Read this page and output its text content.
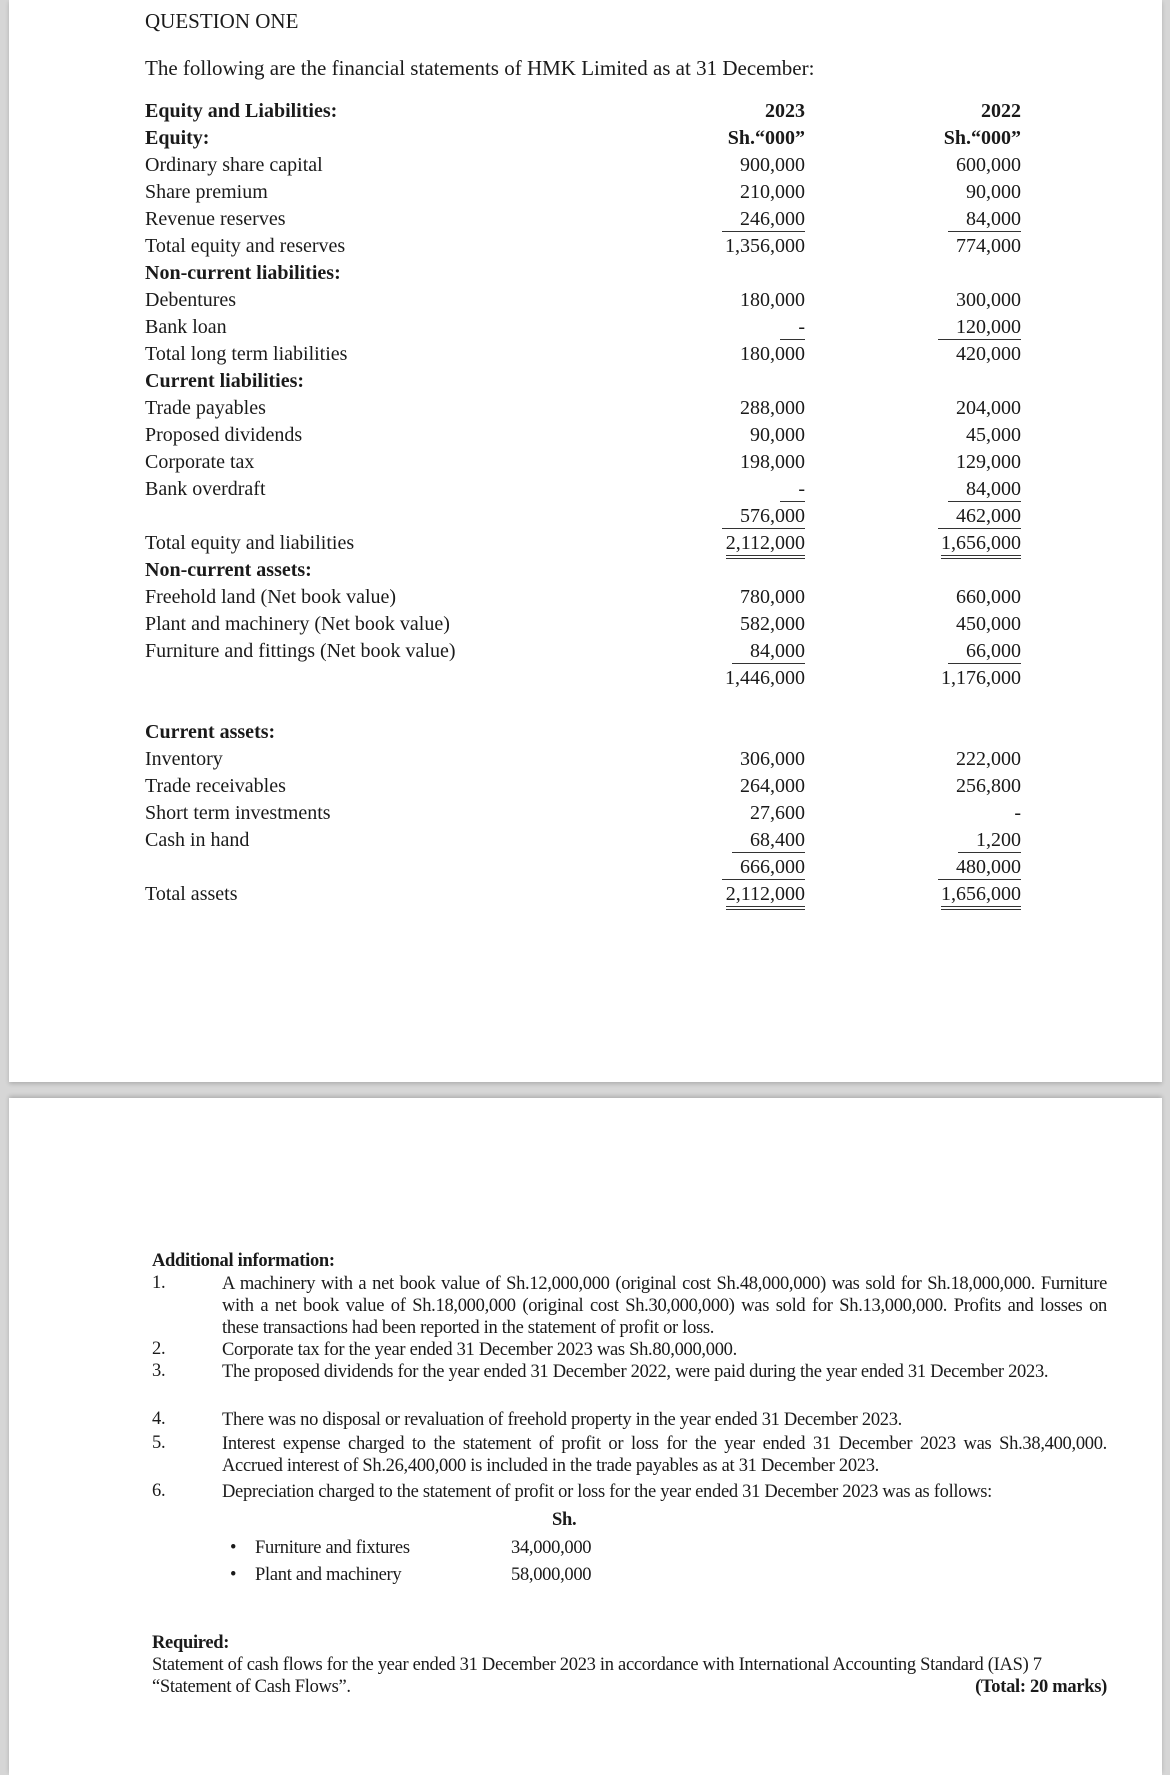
QUESTION ONE
The following are the financial statements of HMK Limited as at 31 December:
Equity and Liabilities:	2023	2022
Equity:	Sh.“000”	Sh.“000”
Ordinary share capital	900,000	600,000
Share premium	210,000	90,000
Revenue reserves	246,000	84,000
Total equity and reserves	1,356,000	774,000
Non-current liabilities:
Debentures	180,000	300,000
Bank loan	-	120,000
Total long term liabilities	180,000	420,000
Current liabilities:
Trade payables	288,000	204,000
Proposed dividends	90,000	45,000
Corporate tax	198,000	129,000
Bank overdraft	-	84,000
576,000	462,000
Total equity and liabilities	2,112,000	1,656,000
Non-current assets:
Freehold land (Net book value)	780,000	660,000
Plant and machinery (Net book value)	582,000	450,000
Furniture and fittings (Net book value)	84,000	66,000
1,446,000	1,176,000
Current assets:
Inventory	306,000	222,000
Trade receivables	264,000	256,800
Short term investments	27,600	-
Cash in hand	68,400	1,200
666,000	480,000
Total assets	2,112,000	1,656,000
Additional information:
1.	A machinery with a net book value of Sh.12,000,000 (original cost Sh.48,000,000) was sold for Sh.18,000,000. Furniture with a net book value of Sh.18,000,000 (original cost Sh.30,000,000) was sold for Sh.13,000,000. Profits and losses on these transactions had been reported in the statement of profit or loss.
2.	Corporate tax for the year ended 31 December 2023 was Sh.80,000,000.
3.	The proposed dividends for the year ended 31 December 2022, were paid during the year ended 31 December 2023.
4.	There was no disposal or revaluation of freehold property in the year ended 31 December 2023.
5.	Interest expense charged to the statement of profit or loss for the year ended 31 December 2023 was Sh.38,400,000. Accrued interest of Sh.26,400,000 is included in the trade payables as at 31 December 2023.
6.	Depreciation charged to the statement of profit or loss for the year ended 31 December 2023 was as follows:
Sh.
• Furniture and fixtures	34,000,000
• Plant and machinery	58,000,000
Required:
Statement of cash flows for the year ended 31 December 2023 in accordance with International Accounting Standard (IAS) 7 “Statement of Cash Flows”.	(Total: 20 marks)
